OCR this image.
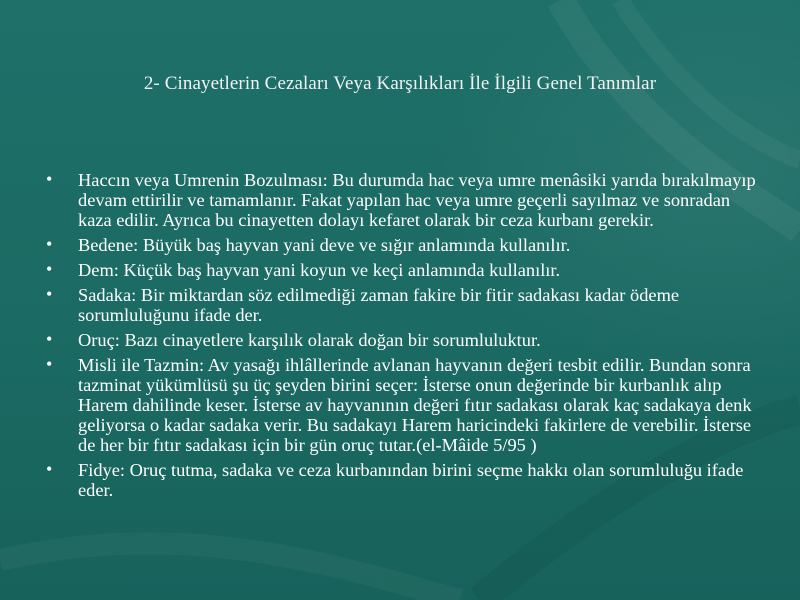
2- Cinayetlerin Cezaları Veya Karşılıkları İle İlgili Genel Tanımlar
• Haccın veya Umrenin Bozulması: Bu durumda hac veya umre menâsiki yarıda bırakılmayıp devam ettirilir ve tamamlanır. Fakat yapılan hac veya umre geçerli sayılmaz ve sonradan kaza edilir. Ayrıca bu cinayetten dolayı kefaret olarak bir ceza kurbanı gerekir.
• Bedene: Büyük baş hayvan yani deve ve sığır anlamında kullanılır.
• Dem: Küçük baş hayvan yani koyun ve keçi anlamında kullanılır.
• Sadaka: Bir miktardan söz edilmediği zaman fakire bir fitir sadakası kadar ödeme sorumluluğunu ifade der.
• Oruç: Bazı cinayetlere karşılık olarak doğan bir sorumluluktur.
• Misli ile Tazmin: Av yasağı ihlâllerinde avlanan hayvanın değeri tesbit edilir. Bundan sonra tazminat yükümlüsü şu üç şeyden birini seçer: İsterse onun değerinde bir kurbanlık alıp Harem dahilinde keser. İsterse av hayvanının değeri fıtır sadakası olarak kaç sadakaya denk geliyorsa o kadar sadaka verir. Bu sadakayı Harem haricindeki fakirlere de verebilir. İsterse de her bir fıtır sadakası için bir gün oruç tutar.(el-Mâide 5/95 )
• Fidye: Oruç tutma, sadaka ve ceza kurbanından birini seçme hakkı olan sorumluluğu ifade eder.
